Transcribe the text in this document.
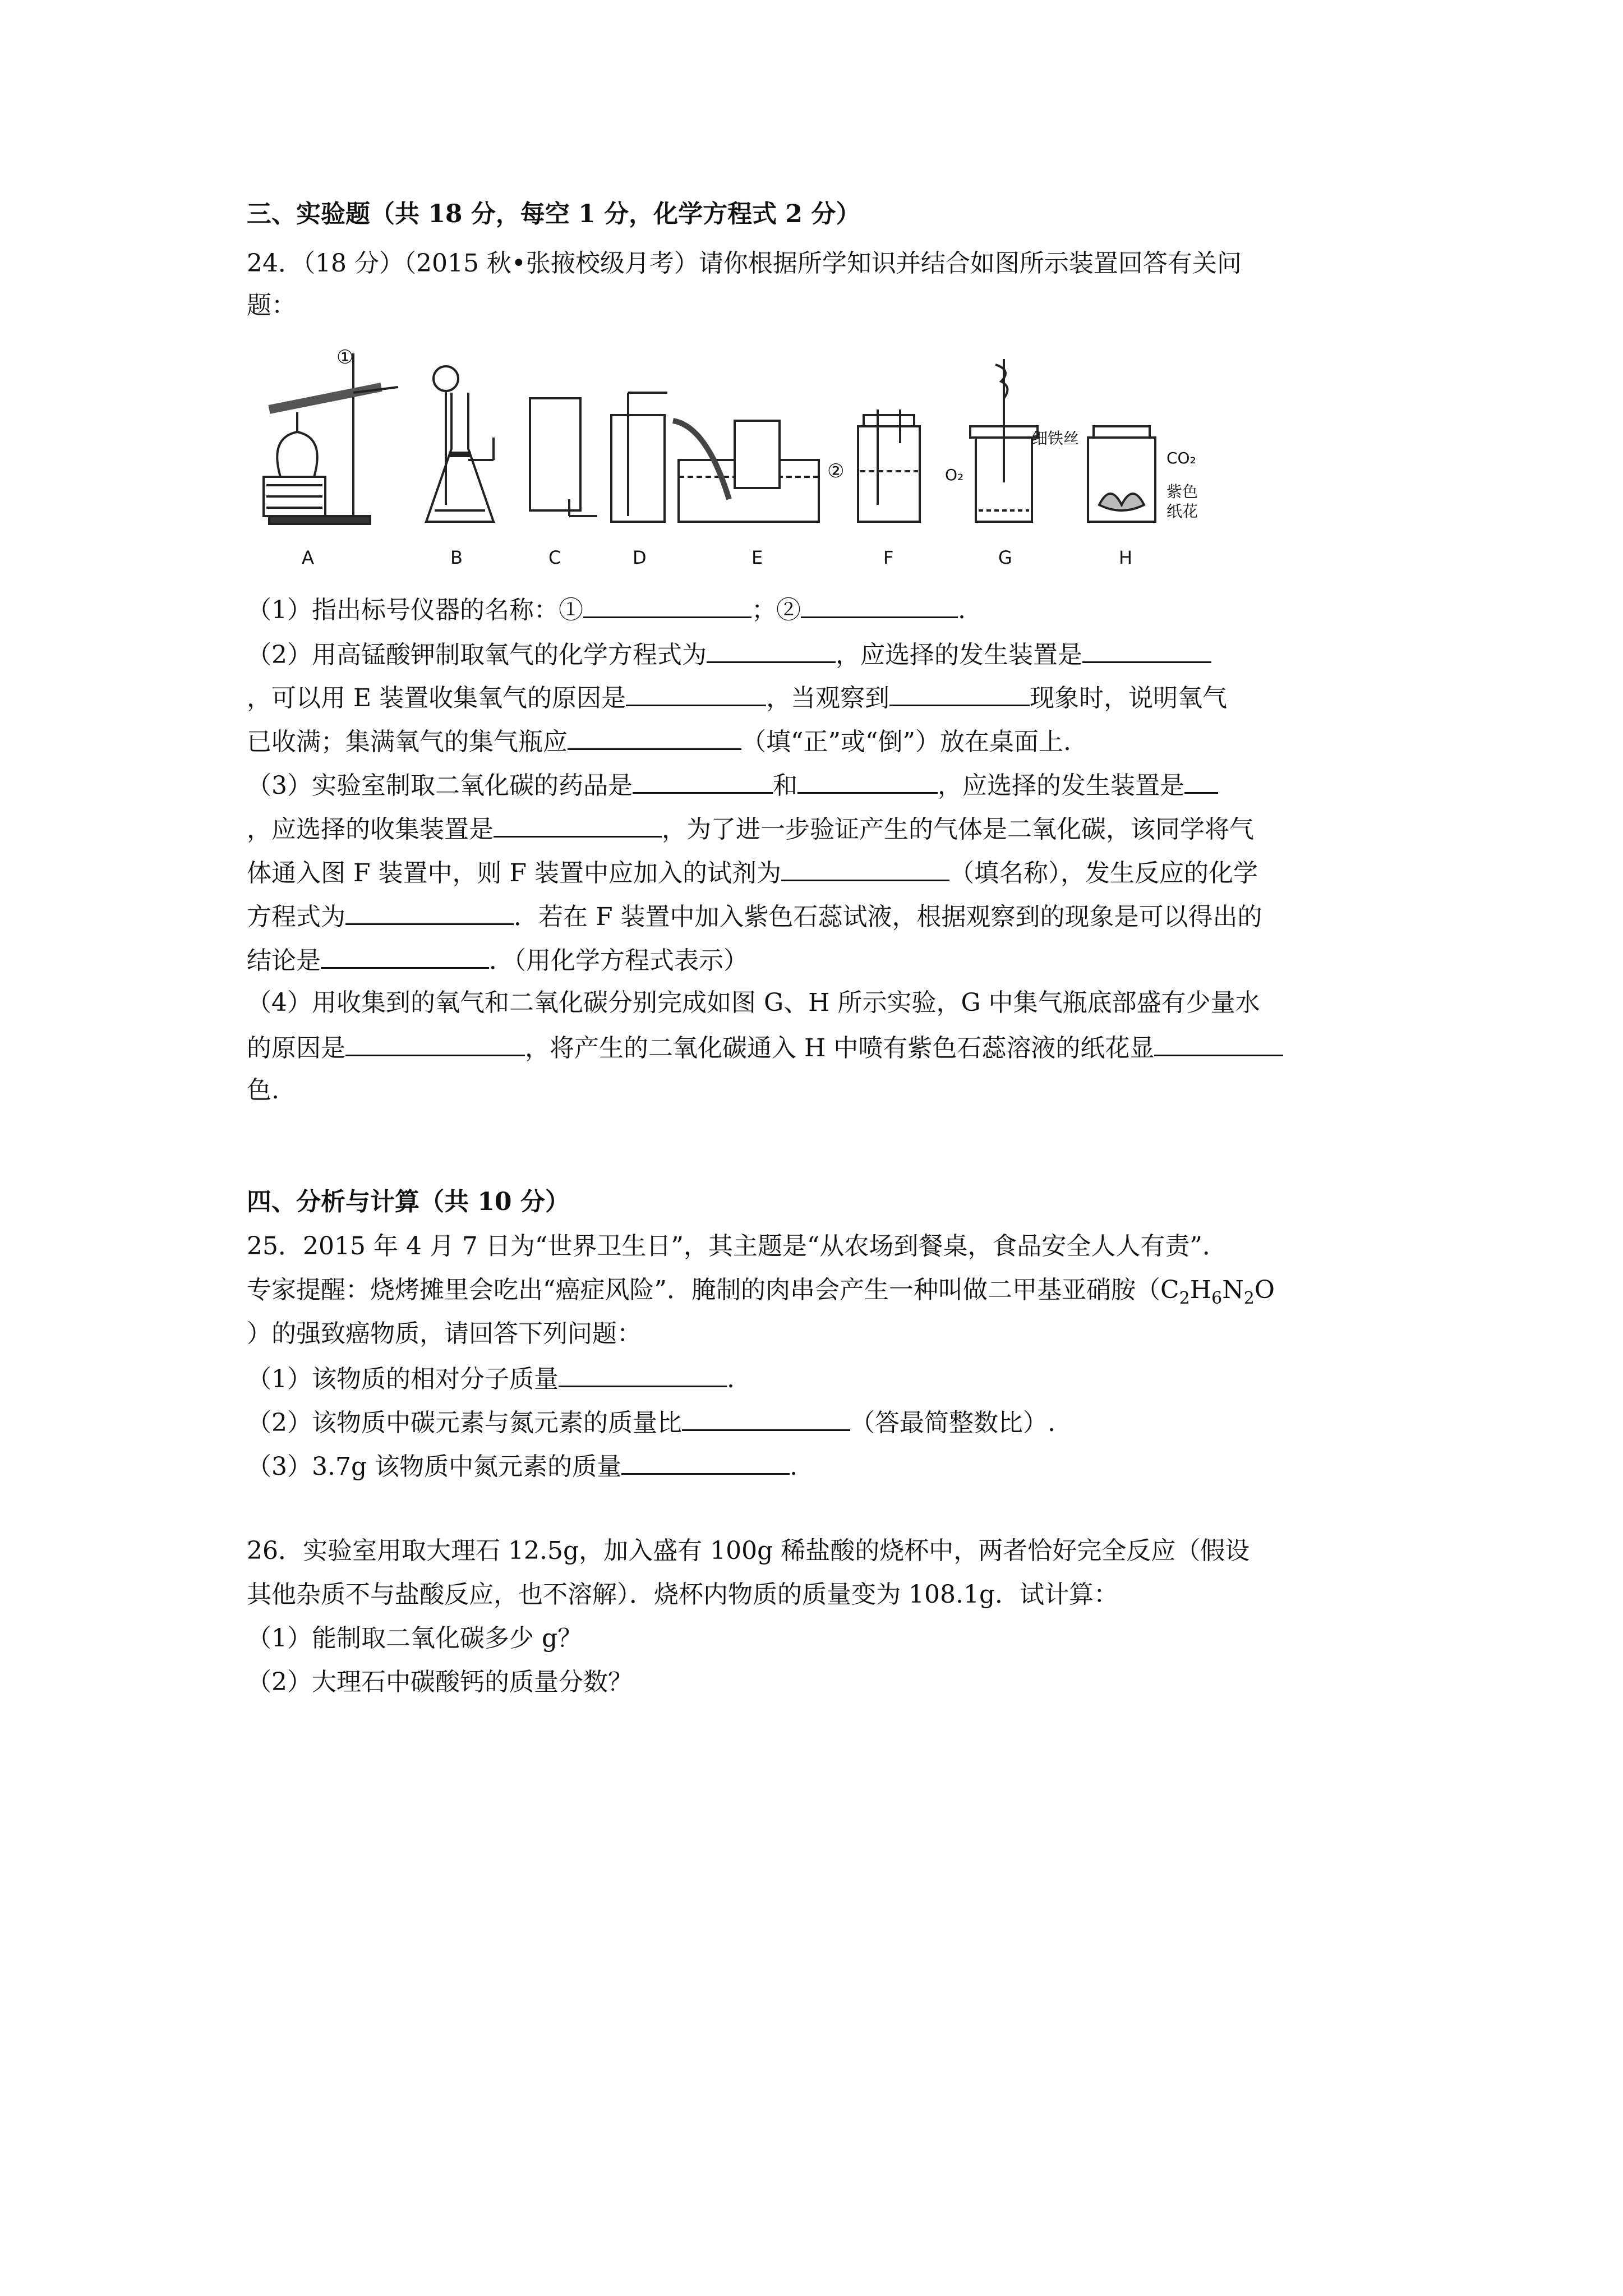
三、实验题（共 18 分，每空 1 分，化学方程式 2 分）
24．（18 分）（2015 秋•张掖校级月考）请你根据所学知识并结合如图所示装置回答有关问
题：
①
②	O₂
细铁丝
CO₂
紫色
纸花
A	B	C	D	E	F	G	H
（1）指出标号仪器的名称：①	；②	.
（2）用高锰酸钾制取氧气的化学方程式为	，应选择的发生装置是
，可以用 E 装置收集氧气的原因是	，当观察到	现象时，说明氧气
已收满；集满氧气的集气瓶应	（填“正”或“倒”）放在桌面上.
（3）实验室制取二氧化碳的药品是	和	，应选择的发生装置是
，应选择的收集装置是	，为了进一步验证产生的气体是二氧化碳，该同学将气
体通入图 F 装置中，则 F 装置中应加入的试剂为	（填名称），发生反应的化学
方程式为	．若在 F 装置中加入紫色石蕊试液，根据观察到的现象是可以得出的
结论是	．（用化学方程式表示）
（4）用收集到的氧气和二氧化碳分别完成如图 G、H 所示实验，G 中集气瓶底部盛有少量水
的原因是	，将产生的二氧化碳通入 H 中喷有紫色石蕊溶液的纸花显
色.
四、分析与计算（共 10 分）
25．2015 年 4 月 7 日为“世界卫生日”，其主题是“从农场到餐桌，食品安全人人有责”．
专家提醒：烧烤摊里会吃出“癌症风险”．腌制的肉串会产生一种叫做二甲基亚硝胺（$C_2H_6N_2O$
）的强致癌物质，请回答下列问题：
（1）该物质的相对分子质量	.
（2）该物质中碳元素与氮元素的质量比	（答最简整数比）.
（3）3.7g 该物质中氮元素的质量	.
26．实验室用取大理石 12.5g，加入盛有 100g 稀盐酸的烧杯中，两者恰好完全反应（假设
其他杂质不与盐酸反应，也不溶解）．烧杯内物质的质量变为 108.1g．试计算：
（1）能制取二氧化碳多少 g？
（2）大理石中碳酸钙的质量分数？
